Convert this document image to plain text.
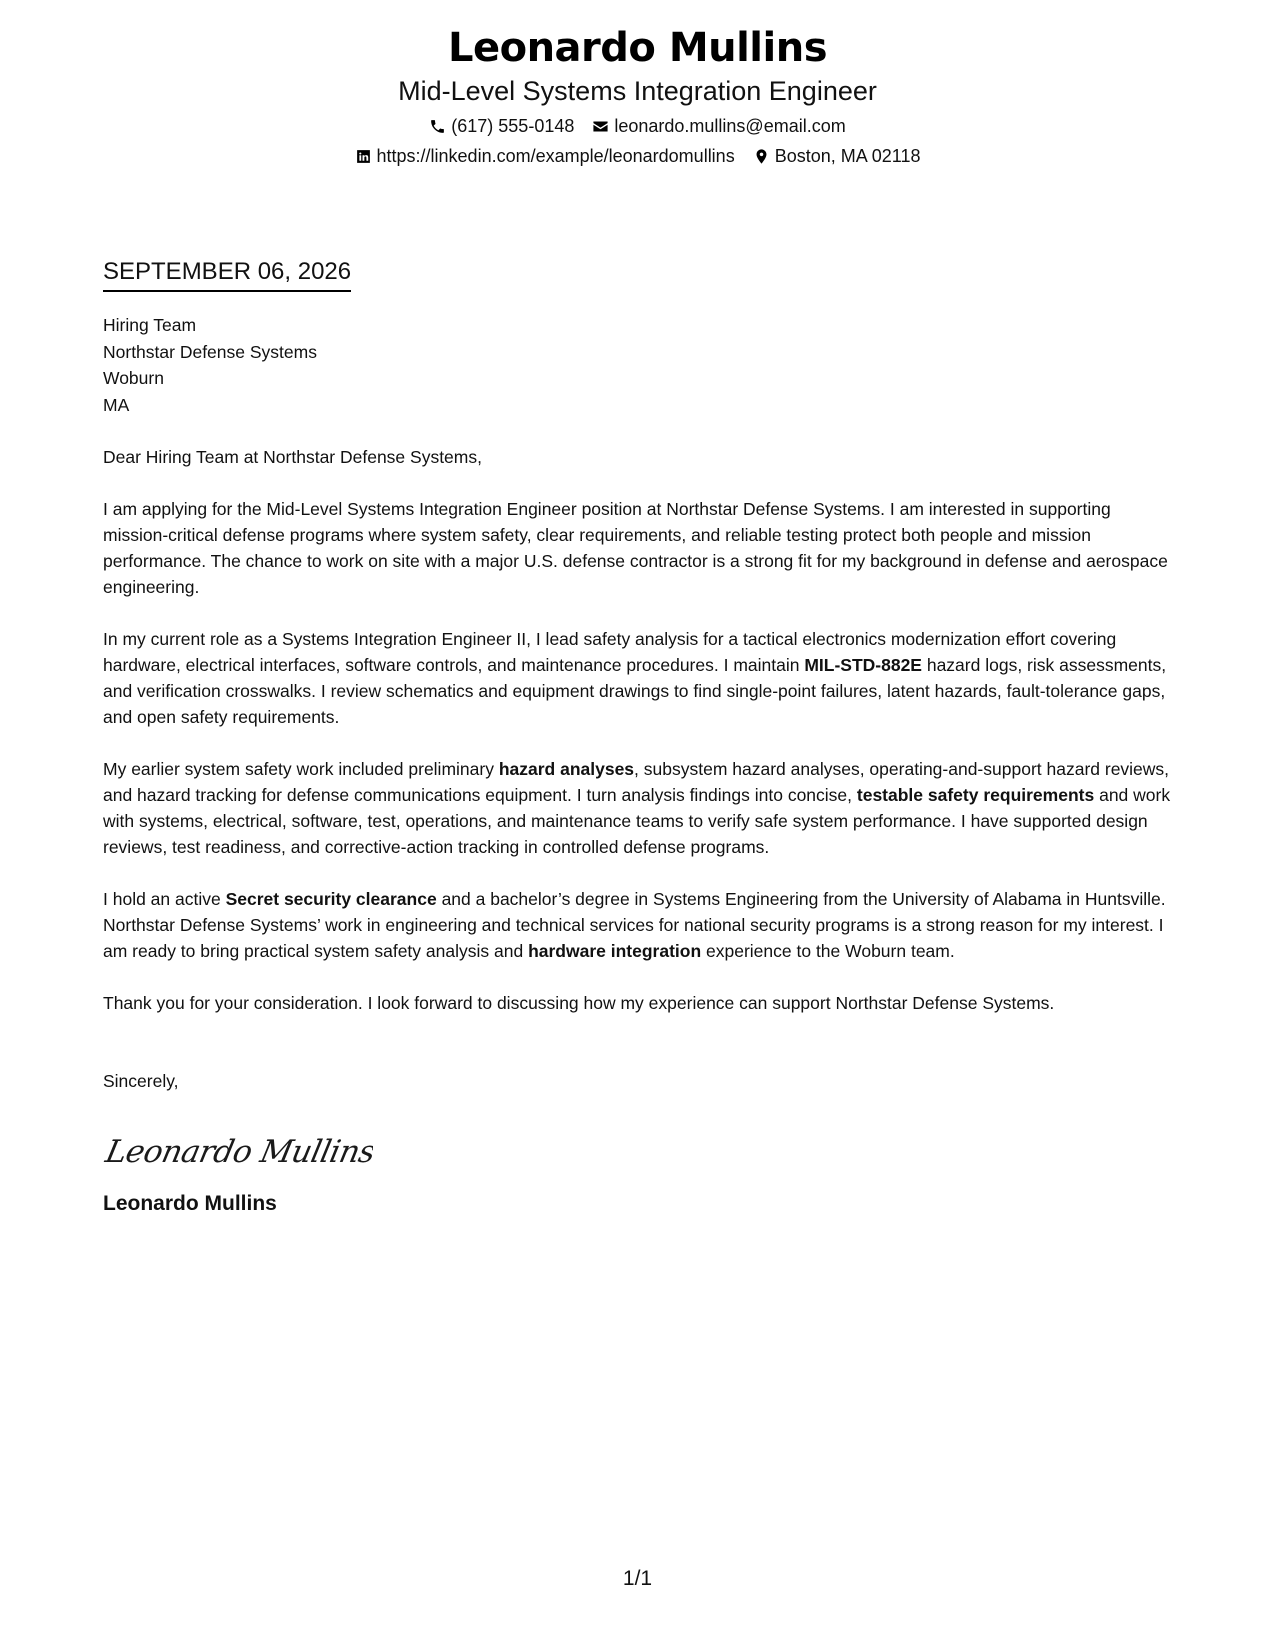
Leonardo Mullins
Mid-Level Systems Integration Engineer
(617) 555-0148 leonardo.mullins@email.com
https://linkedin.com/example/leonardomullins Boston, MA 02118
SEPTEMBER 06, 2026
Hiring Team
Northstar Defense Systems
Woburn
MA
Dear Hiring Team at Northstar Defense Systems,

I am applying for the Mid-Level Systems Integration Engineer position at Northstar Defense Systems. I am interested in supporting mission-critical defense programs where system safety, clear requirements, and reliable testing protect both people and mission performance. The chance to work on site with a major U.S. defense contractor is a strong fit for my background in defense and aerospace engineering.

In my current role as a Systems Integration Engineer II, I lead safety analysis for a tactical electronics modernization effort covering hardware, electrical interfaces, software controls, and maintenance procedures. I maintain MIL-STD-882E hazard logs, risk assessments, and verification crosswalks. I review schematics and equipment drawings to find single-point failures, latent hazards, fault-tolerance gaps, and open safety requirements.

My earlier system safety work included preliminary hazard analyses, subsystem hazard analyses, operating-and-support hazard reviews, and hazard tracking for defense communications equipment. I turn analysis findings into concise, testable safety requirements and work with systems, electrical, software, test, operations, and maintenance teams to verify safe system performance. I have supported design reviews, test readiness, and corrective-action tracking in controlled defense programs.

I hold an active Secret security clearance and a bachelor’s degree in Systems Engineering from the University of Alabama in Huntsville. Northstar Defense Systems’ work in engineering and technical services for national security programs is a strong reason for my interest. I am ready to bring practical system safety analysis and hardware integration experience to the Woburn team.

Thank you for your consideration. I look forward to discussing how my experience can support Northstar Defense Systems.

Sincerely,
Leonardo Mullins
Leonardo Mullins
1/1
